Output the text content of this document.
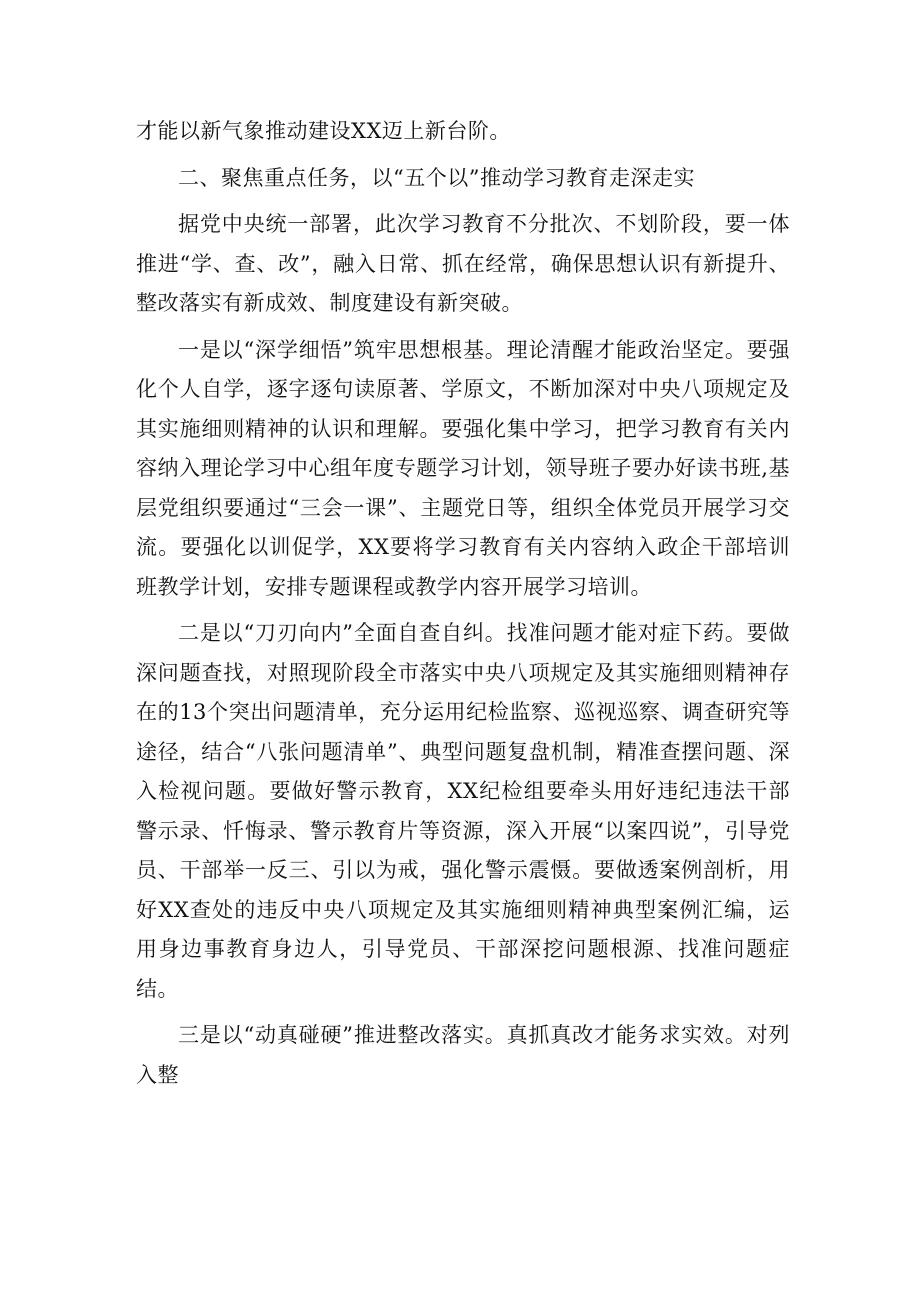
才能以新气象推动建设XX迈上新台阶。

二、聚焦重点任务，以“五个以”推动学习教育走深走实

据党中央统一部署，此次学习教育不分批次、不划阶段，要一体推进“学、查、改”，融入日常、抓在经常，确保思想认识有新提升、整改落实有新成效、制度建设有新突破。

一是以“深学细悟”筑牢思想根基。理论清醒才能政治坚定。要强化个人自学，逐字逐句读原著、学原文，不断加深对中央八项规定及其实施细则精神的认识和理解。要强化集中学习，把学习教育有关内容纳入理论学习中心组年度专题学习计划，领导班子要办好读书班,基层党组织要通过“三会一课”、主题党日等，组织全体党员开展学习交流。要强化以训促学，XX要将学习教育有关内容纳入政企干部培训班教学计划，安排专题课程或教学内容开展学习培训。

二是以“刀刃向内”全面自查自纠。找准问题才能对症下药。要做深问题查找，对照现阶段全市落实中央八项规定及其实施细则精神存在的13个突出问题清单，充分运用纪检监察、巡视巡察、调查研究等途径，结合“八张问题清单”、典型问题复盘机制，精准查摆问题、深入检视问题。要做好警示教育，XX纪检组要牵头用好违纪违法干部警示录、忏悔录、警示教育片等资源，深入开展“以案四说”，引导党员、干部举一反三、引以为戒，强化警示震慑。要做透案例剖析，用好XX查处的违反中央八项规定及其实施细则精神典型案例汇编，运用身边事教育身边人，引导党员、干部深挖问题根源、找准问题症结。

三是以“动真碰硬”推进整改落实。真抓真改才能务求实效。对列入整
